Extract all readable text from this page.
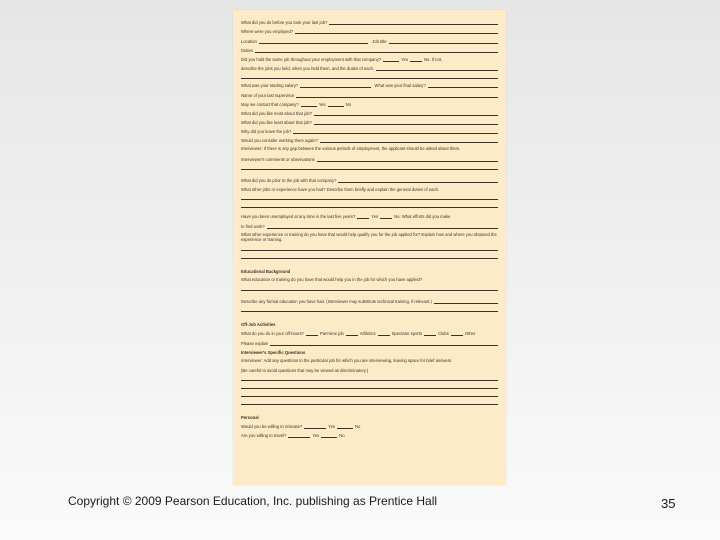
What did you do before you took your last job?
Where were you employed?
Location	Job title
Duties
Did you hold the same job throughout your employment with that company?	Yes	No. If not,
describe the jobs you held, when you held them, and the duties of each.
What was your starting salary?	What was your final salary?
Name of your last supervisor
May we contact that company?	Yes	No
What did you like most about that job?
What did you like least about that job?
Why did you leave the job?
Would you consider working there again?
Interviewer: If there is any gap between the various periods of employment, the applicant should be asked about them.
Interviewer's comments or observations
What did you do prior to the job with that company?
What other jobs or experience have you had? Describe them briefly and explain the general duties of each.
Have you been unemployed at any time in the last five years?	Yes	No. What efforts did you make
to find work?
What other experience or training do you have that would help qualify you for the job applied for? Explain how and where you obtained the experience or training.
Educational Background
What education or training do you have that would help you in the job for which you have applied?
Describe any formal education you have had. (Interviewer may substitute technical training, if relevant.)
Off-Job Activities
What do you do in your off-hours?	Part-time job	Athletics	Spectator sports	Clubs	Other
Please explain
Interviewer's Specific Questions
Interviewer: Add any questions to the particular job for which you are interviewing, leaving space for brief answers.
(Be careful to avoid questions that may be viewed as discriminatory.)
Personal
Would you be willing to relocate?	Yes	No
Are you willing to travel?	Yes	No
Copyright © 2009 Pearson Education, Inc. publishing as Prentice Hall	35
